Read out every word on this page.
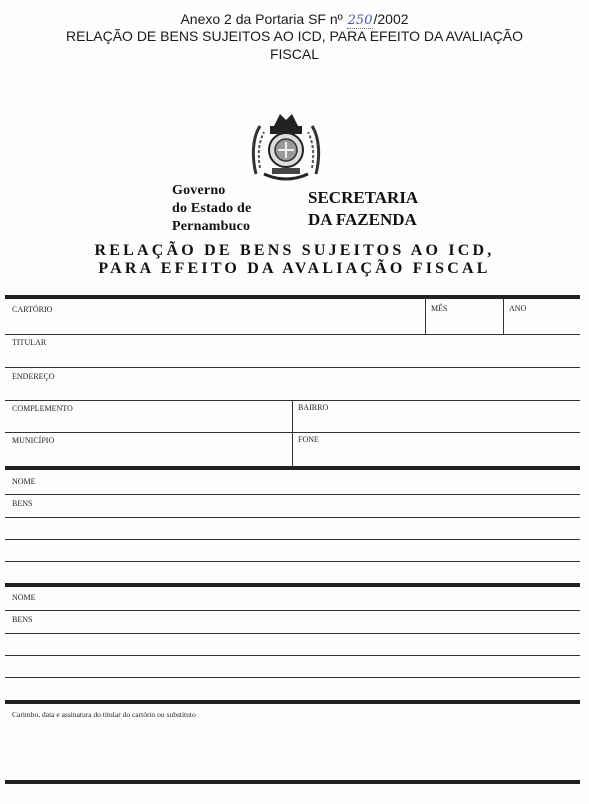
Anexo 2 da Portaria SF nº 250/2002
RELAÇÃO DE BENS SUJEITOS AO ICD, PARA EFEITO DA AVALIAÇÃO
FISCAL
Governo
do Estado de
Pernambuco
SECRETARIA
DA FAZENDA
RELAÇÃO DE BENS SUJEITOS AO ICD,
PARA EFEITO DA AVALIAÇÃO FISCAL
CARTÓRIO	MÊS	ANO
TITULAR
ENDEREÇO
COMPLEMENTO	BAIRRO
MUNICÍPIO	FONE
NOME
BENS
NOME
BENS
Carimbo, data e assinatura do titular do cartório ou substituto
